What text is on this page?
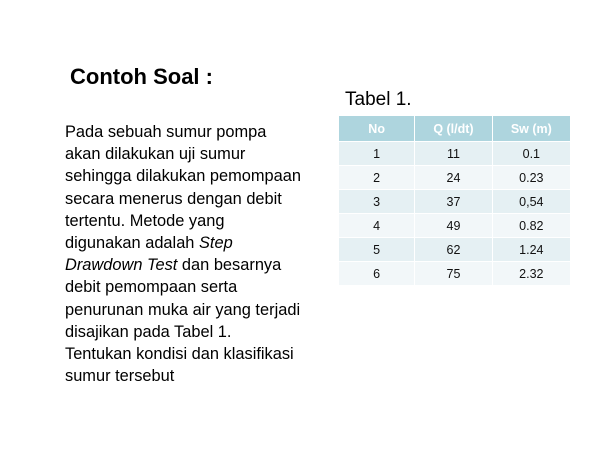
Contoh Soal :
Tabel 1.

Pada sebuah sumur pompa
akan dilakukan uji sumur
sehingga dilakukan pemompaan
secara menerus dengan debit
tertentu. Metode yang
digunakan adalah Step
Drawdown Test dan besarnya
debit pemompaan serta
penurunan muka air yang terjadi
disajikan pada Tabel 1.
Tentukan kondisi dan klasifikasi
sumur tersebut

No	Q (l/dt)	Sw (m)
1	11	0.1
2	24	0.23
3	37	0,54
4	49	0.82
5	62	1.24
6	75	2.32
